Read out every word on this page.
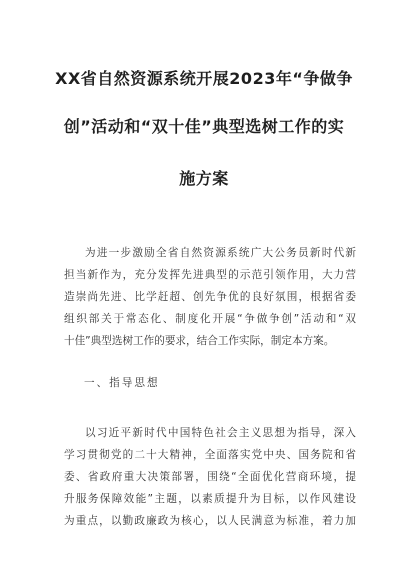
XX省自然资源系统开展2023年“争做争
创”活动和“双十佳”典型选树工作的实
施方案
为进一步激励全省自然资源系统广大公务员新时代新
担当新作为，充分发挥先进典型的示范引领作用，大力营
造崇尚先进、比学赶超、创先争优的良好氛围，根据省委
组织部关于常态化、制度化开展“争做争创”活动和“双
十佳”典型选树工作的要求，结合工作实际，制定本方案。
一、指导思想
以习近平新时代中国特色社会主义思想为指导，深入
学习贯彻党的二十大精神，全面落实党中央、国务院和省
委、省政府重大决策部署，围绕“全面优化营商环境，提
升服务保障效能”主题，以素质提升为目标，以作风建设
为重点，以勤政廉政为核心，以人民满意为标准，着力加
